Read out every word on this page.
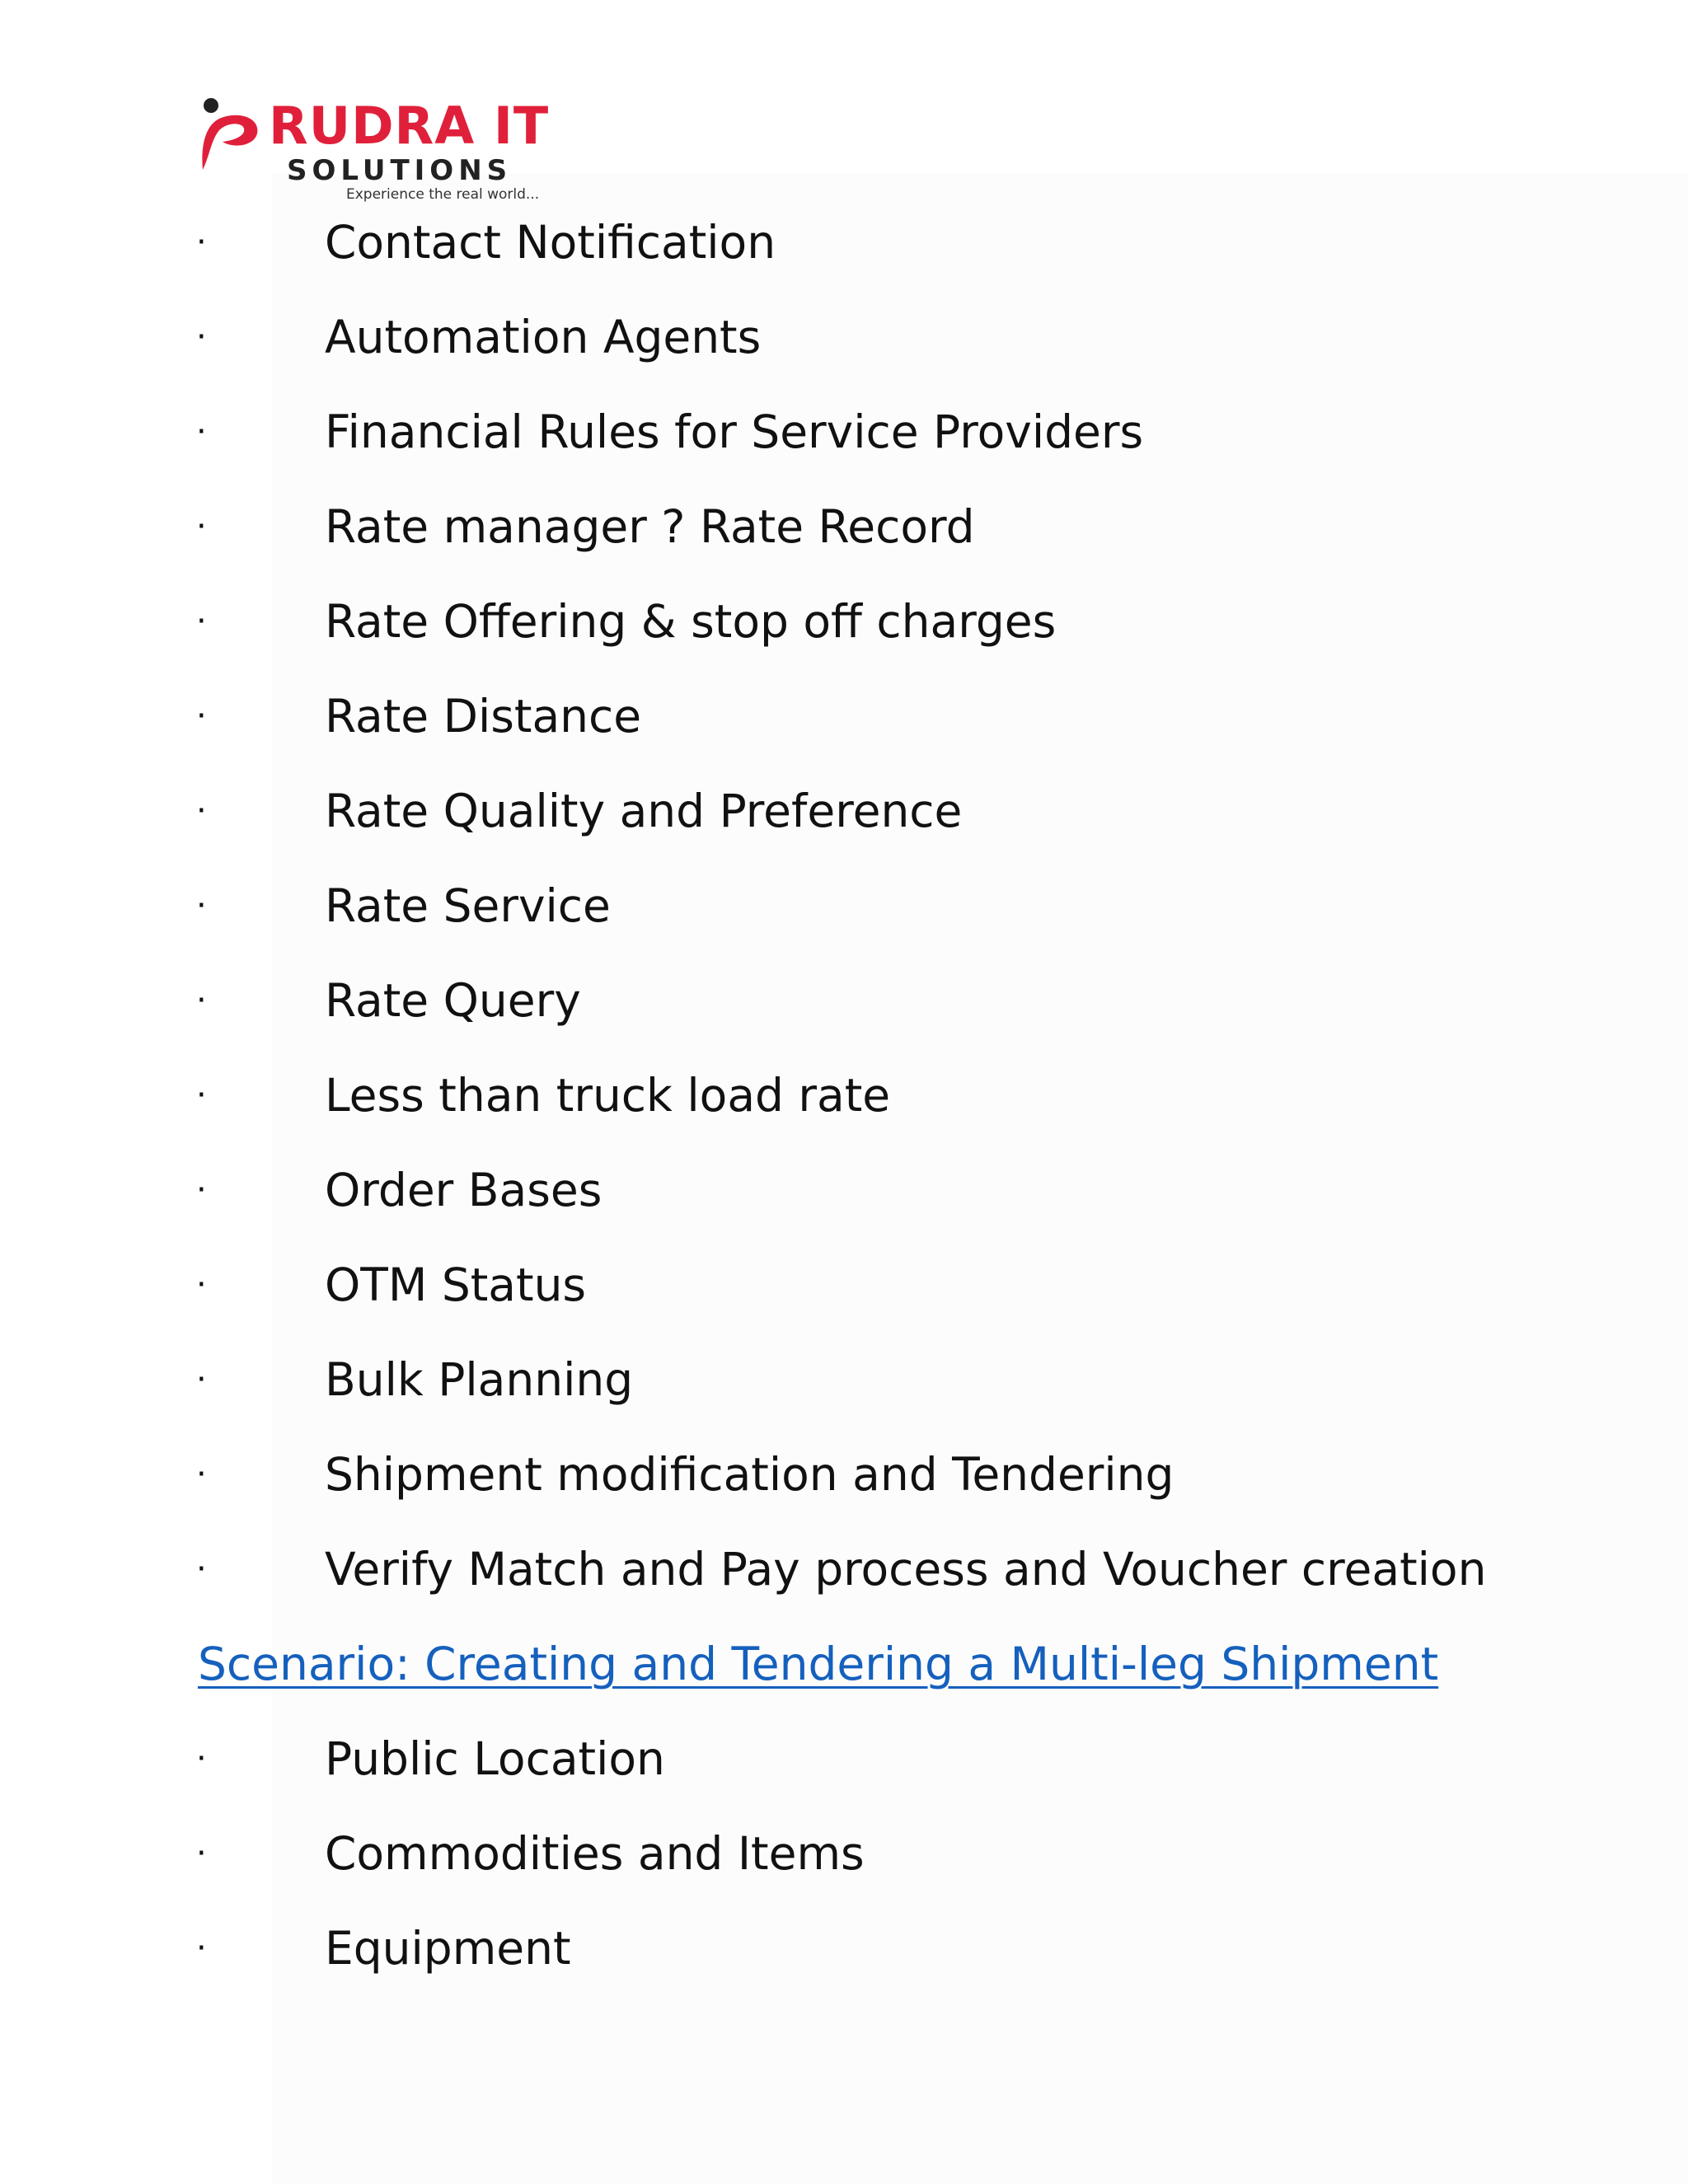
RUDRA IT
SOLUTIONS
Experience the real world...
·	Contact Notification
·	Automation Agents
·	Financial Rules for Service Providers
·	Rate manager ? Rate Record
·	Rate Offering & stop off charges
·	Rate Distance
·	Rate Quality and Preference
·	Rate Service
·	Rate Query
·	Less than truck load rate
·	Order Bases
·	OTM Status
·	Bulk Planning
·	Shipment modification and Tendering
·	Verify Match and Pay process and Voucher creation
Scenario: Creating and Tendering a Multi-leg Shipment
·	Public Location
·	Commodities and Items
·	Equipment
